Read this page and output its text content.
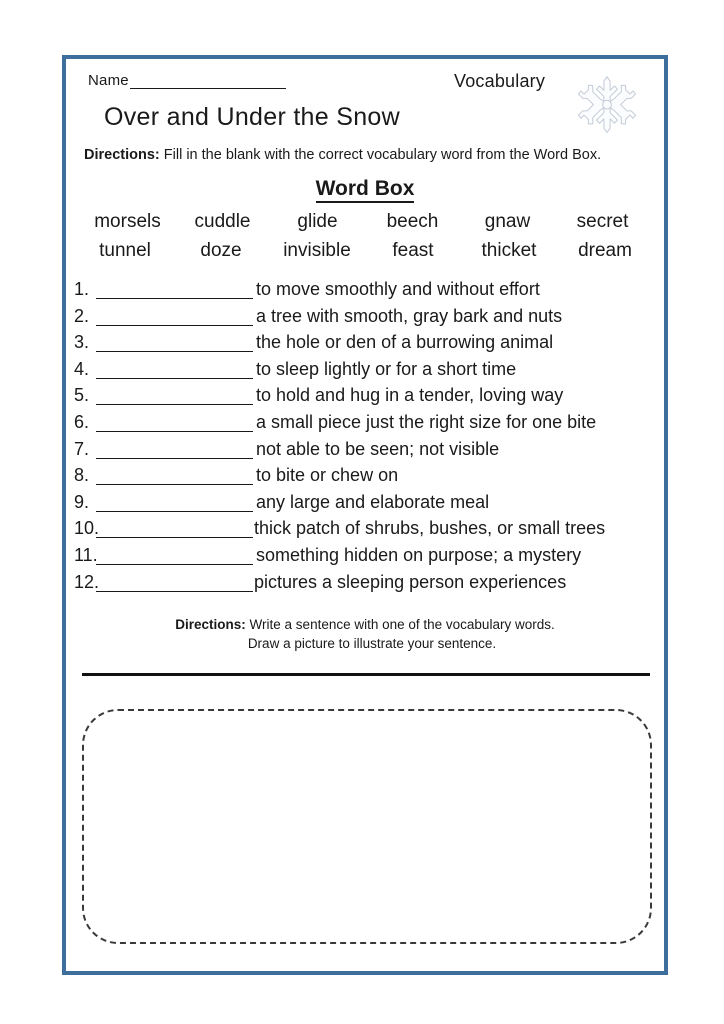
Name	Vocabulary
Over and Under the Snow
Directions: Fill in the blank with the correct vocabulary word from the Word Box.
Word Box
morsels	cuddle	glide	beech	gnaw	secret
tunnel	doze	invisible	feast	thicket	dream
1.	to move smoothly and without effort
2.	a tree with smooth, gray bark and nuts
3.	the hole or den of a burrowing animal
4.	to sleep lightly or for a short time
5.	to hold and hug in a tender, loving way
6.	a small piece just the right size for one bite
7.	not able to be seen; not visible
8.	to bite or chew on
9.	any large and elaborate meal
10.	thick patch of shrubs, bushes, or small trees
11.	something hidden on purpose; a mystery
12.	pictures a sleeping person experiences
Directions: Write a sentence with one of the vocabulary words.
Draw a picture to illustrate your sentence.
